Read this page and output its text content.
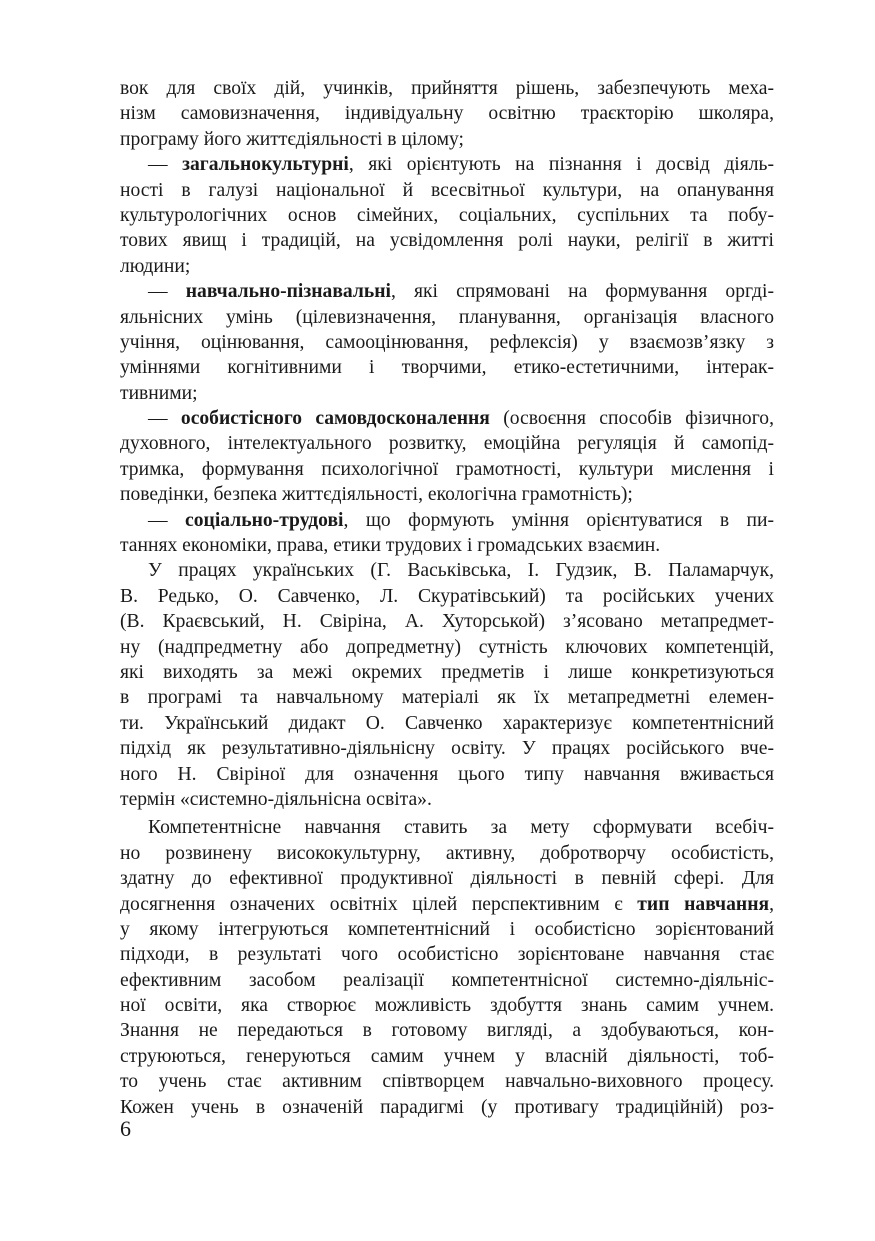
вок для своїх дій, учинків, прийняття рішень, забезпечують меха-
нізм самовизначення, індивідуальну освітню траєкторію школяра,
програму його життєдіяльності в цілому;
— загальнокультурні, які орієнтують на пізнання і досвід діяль-
ності в галузі національної й всесвітньої культури, на опанування
культурологічних основ сімейних, соціальних, суспільних та побу-
тових явищ і традицій, на усвідомлення ролі науки, релігії в житті
людини;
— навчально-пізнавальні, які спрямовані на формування оргді-
яльнісних умінь (цілевизначення, планування, організація власного
учіння, оцінювання, самооцінювання, рефлексія) у взаємозв’язку з
уміннями когнітивними і творчими, етико-естетичними, інтерак-
тивними;
— особистісного самовдосконалення (освоєння способів фізичного,
духовного, інтелектуального розвитку, емоційна регуляція й самопід-
тримка, формування психологічної грамотності, культури мислення і
поведінки, безпека життєдіяльності, екологічна грамотність);
— соціально-трудові, що формують уміння орієнтуватися в пи-
таннях економіки, права, етики трудових і громадських взаємин.
У працях українських (Г. Васьківська, І. Гудзик, В. Паламарчук,
В. Редько, О. Савченко, Л. Скуратівський) та російських учених
(В. Краєвський, Н. Свіріна, А. Хуторськой) з’ясовано метапредмет-
ну (надпредметну або допредметну) сутність ключових компетенцій,
які виходять за межі окремих предметів і лише конкретизуються
в програмі та навчальному матеріалі як їх метапредметні елемен-
ти. Український дидакт О. Савченко характеризує компетентнісний
підхід як результативно-діяльнісну освіту. У працях російського вче-
ного Н. Свіріної для означення цього типу навчання вживається
термін «системно-діяльнісна освіта».
Компетентнісне навчання ставить за мету сформувати всебіч-
но розвинену висококультурну, активну, добротворчу особистість,
здатну до ефективної продуктивної діяльності в певній сфері. Для
досягнення означених освітніх цілей перспективним є тип навчання,
у якому інтегруються компетентнісний і особистісно зорієнтований
підходи, в результаті чого особистісно зорієнтоване навчання стає
ефективним засобом реалізації компетентнісної системно-діяльніс-
ної освіти, яка створює можливість здобуття знань самим учнем.
Знання не передаються в готовому вигляді, а здобуваються, кон-
струюються, генеруються самим учнем у власній діяльності, тоб-
то учень стає активним співтворцем навчально-виховного процесу.
Кожен учень в означеній парадигмі (у противагу традиційній) роз-
6
